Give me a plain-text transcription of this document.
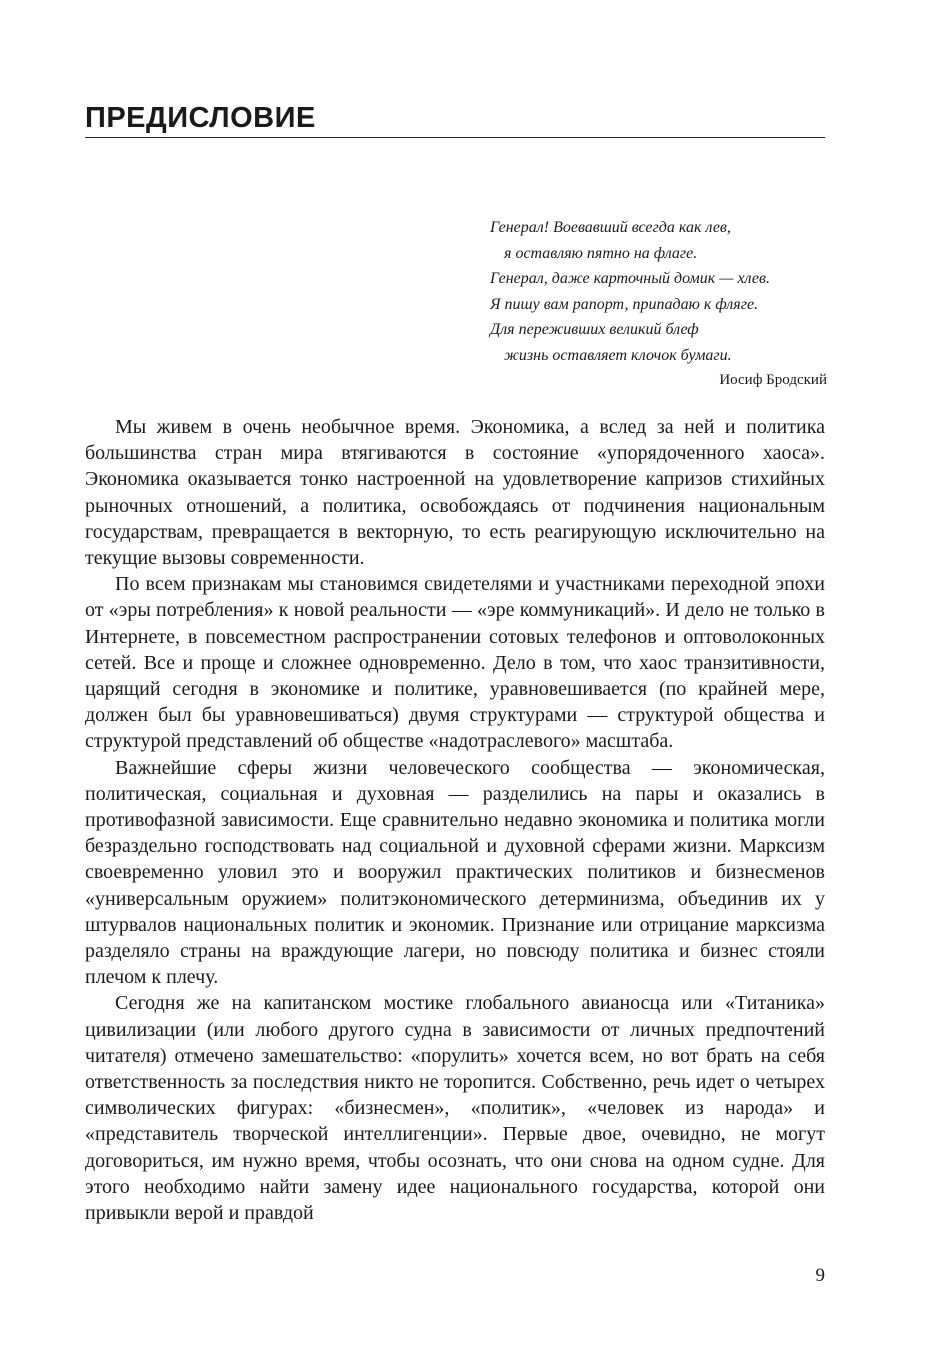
ПРЕДИСЛОВИЕ
Генерал! Воевавший всегда как лев,
я оставляю пятно на флаге.
Генерал, даже карточный домик — хлев.
Я пишу вам рапорт, припадаю к фляге.
Для переживших великий блеф
жизнь оставляет клочок бумаги.
Иосиф Бродский

Мы живем в очень необычное время. Экономика, а вслед за ней и политика большинства стран мира втягиваются в состояние «упорядоченного хаоса». Экономика оказывается тонко настроенной на удовлетворение капризов стихийных рыночных отношений, а политика, освобождаясь от подчинения национальным государствам, превращается в векторную, то есть реагирующую исключительно на текущие вызовы современности.

По всем признакам мы становимся свидетелями и участниками переходной эпохи от «эры потребления» к новой реальности — «эре коммуникаций». И дело не только в Интернете, в повсеместном распространении сотовых телефонов и оптоволоконных сетей. Все и проще и сложнее одновременно. Дело в том, что хаос транзитивности, царящий сегодня в экономике и политике, уравновешивается (по крайней мере, должен был бы уравновешиваться) двумя структурами — структурой общества и структурой представлений об обществе «надотраслевого» масштаба.

Важнейшие сферы жизни человеческого сообщества — экономическая, политическая, социальная и духовная — разделились на пары и оказались в противофазной зависимости. Еще сравнительно недавно экономика и политика могли безраздельно господствовать над социальной и духовной сферами жизни. Марксизм своевременно уловил это и вооружил практических политиков и бизнесменов «универсальным оружием» политэкономического детерминизма, объединив их у штурвалов национальных политик и экономик. Признание или отрицание марксизма разделяло страны на враждующие лагери, но повсюду политика и бизнес стояли плечом к плечу.

Сегодня же на капитанском мостике глобального авианосца или «Титаника» цивилизации (или любого другого судна в зависимости от личных предпочтений читателя) отмечено замешательство: «порулить» хочется всем, но вот брать на себя ответственность за последствия никто не торопится. Собственно, речь идет о четырех символических фигурах: «бизнесмен», «политик», «человек из народа» и «представитель творческой интеллигенции». Первые двое, очевидно, не могут договориться, им нужно время, чтобы осознать, что они снова на одном судне. Для этого необходимо найти замену идее национального государства, которой они привыкли верой и правдой

9
